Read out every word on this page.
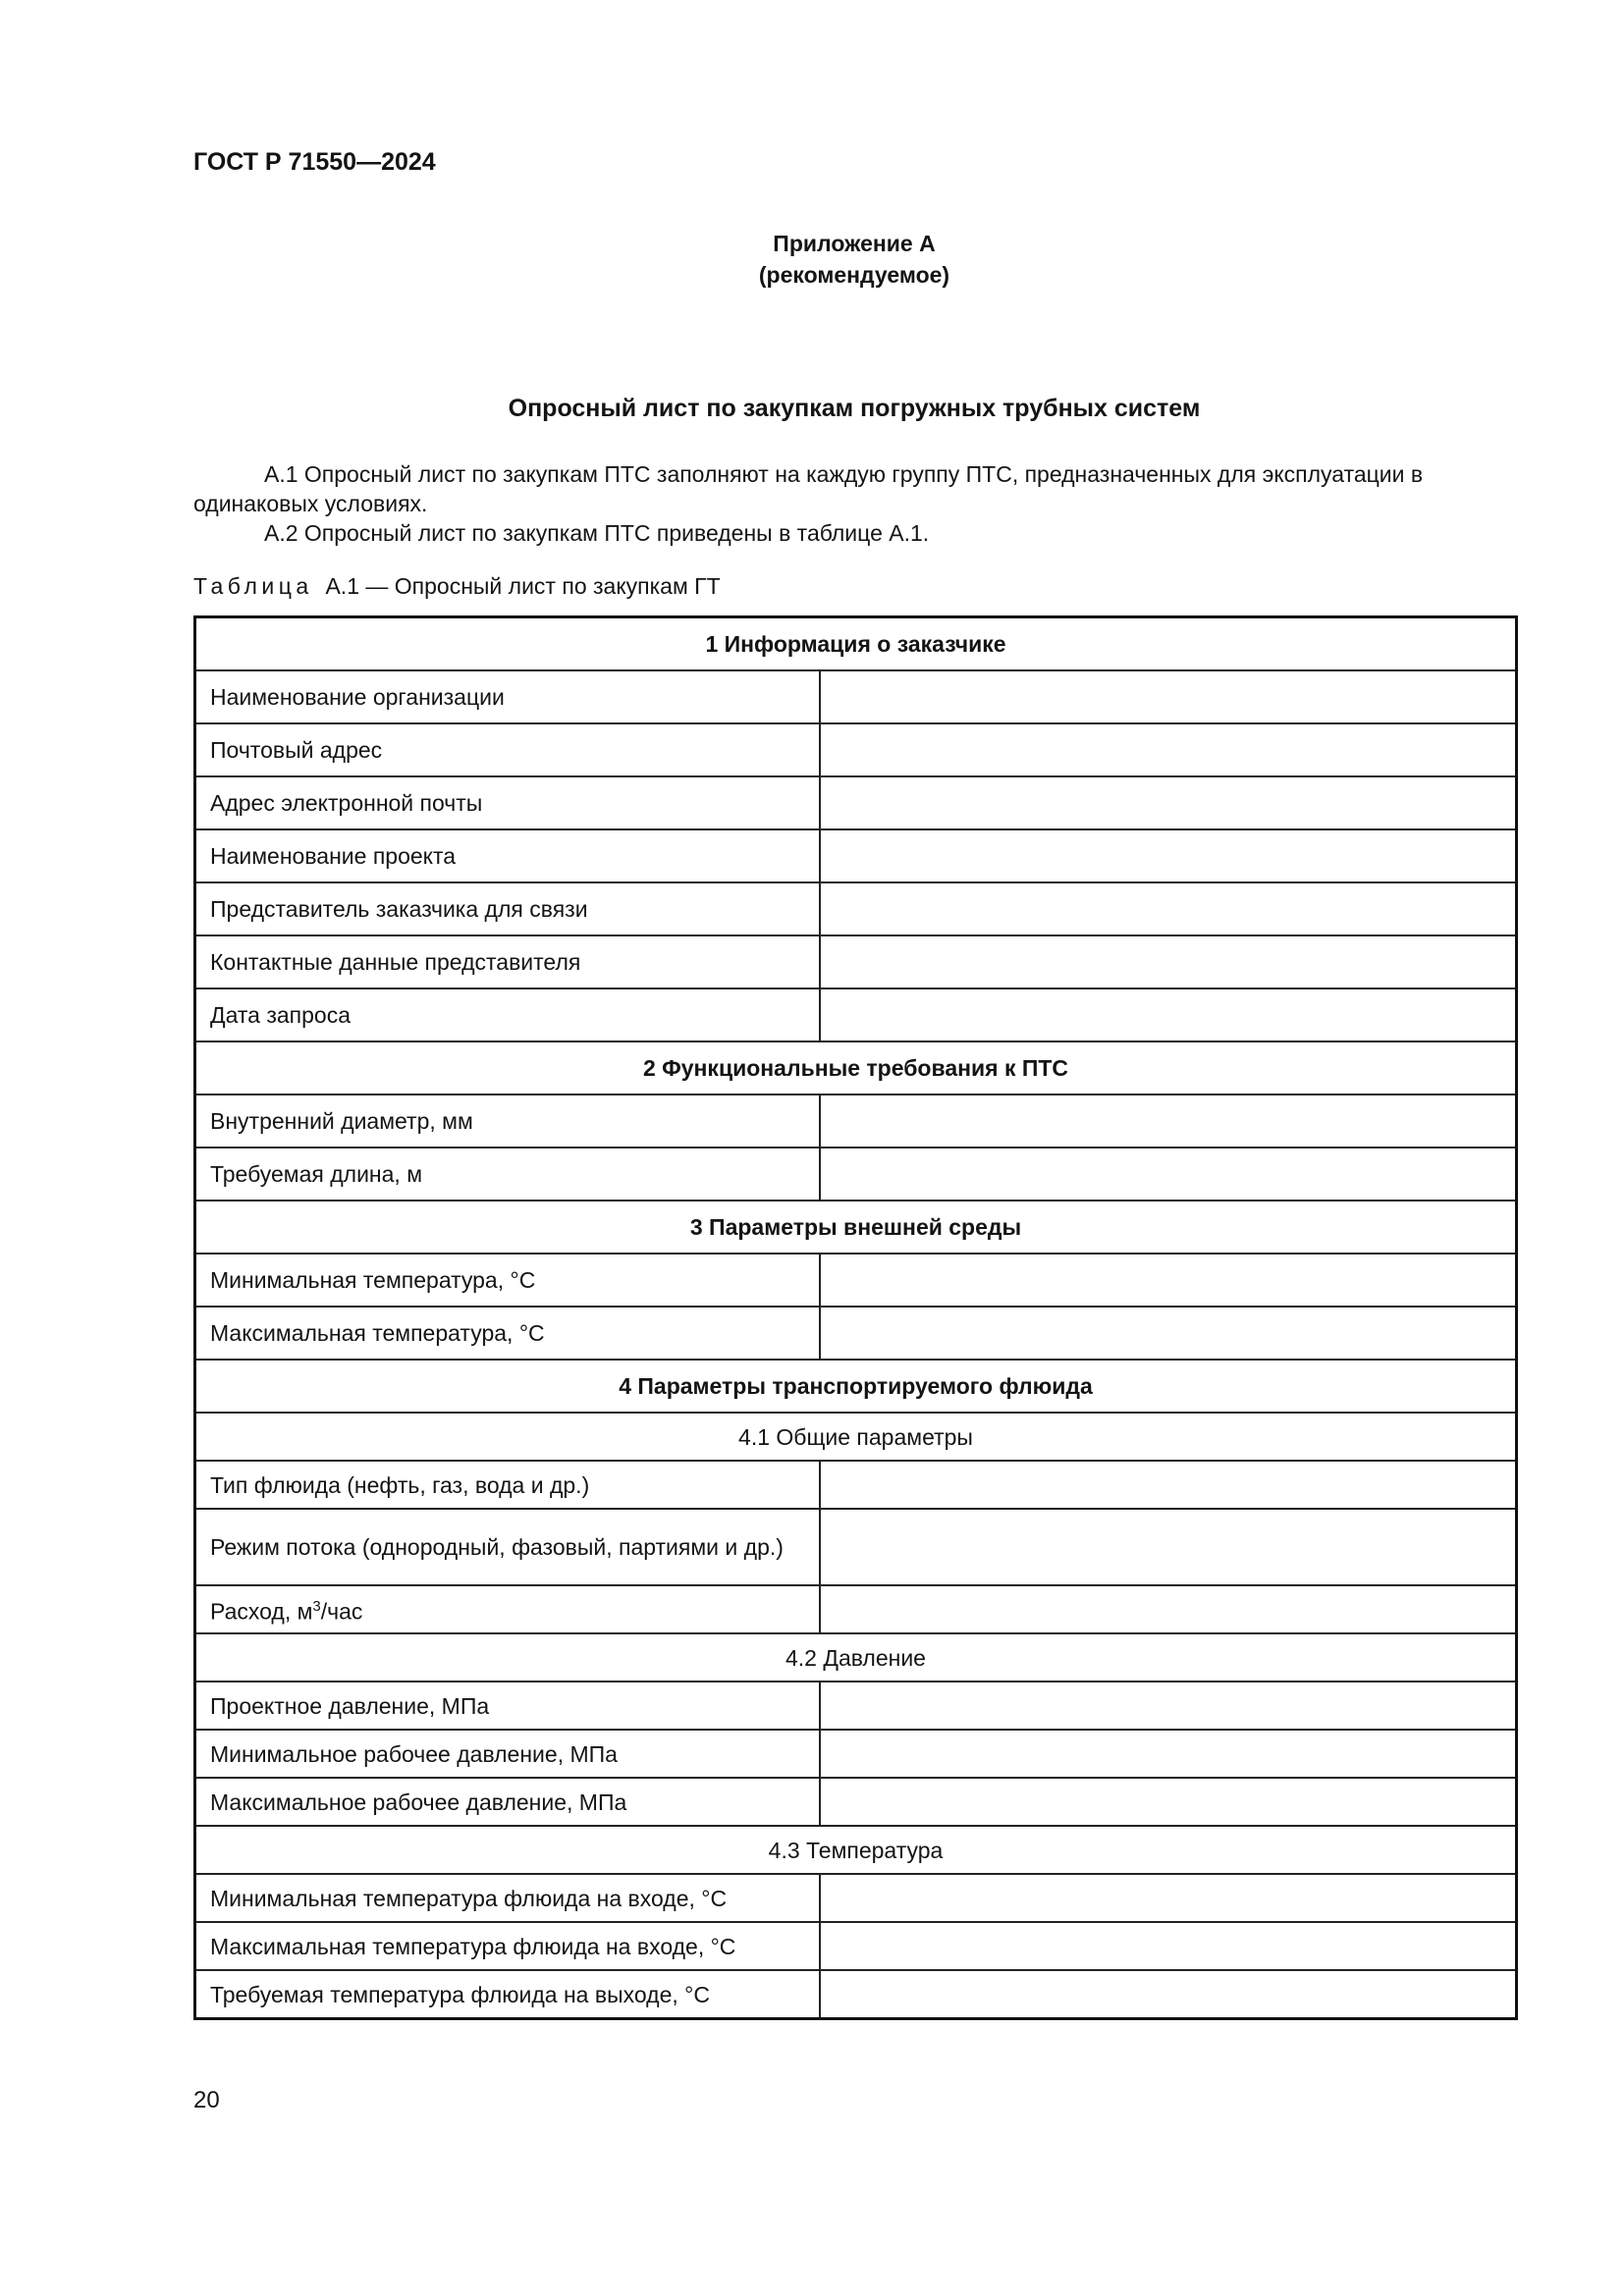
ГОСТ Р 71550—2024

Приложение А
(рекомендуемое)
Опросный лист по закупкам погружных трубных систем

А.1 Опросный лист по закупкам ПТС заполняют на каждую группу ПТС, предназначенных для эксплуатации в одинаковых условиях.

А.2 Опросный лист по закупкам ПТС приведены в таблице А.1.

Таблица  А.1 — Опросный лист по закупкам ГТ
1 Информация о заказчике	
Наименование организации	
Почтовый адрес	
Адрес электронной почты	
Наименование проекта	
Представитель заказчика для связи	
Контактные данные представителя	
Дата запроса	
2 Функциональные требования к ПТС	
Внутренний диаметр, мм	
Требуемая длина, м	
3 Параметры внешней среды	
Минимальная температура, °С	
Максимальная температура, °С	
4 Параметры транспортируемого флюида	
4.1 Общие параметры	
Тип флюида (нефть, газ, вода и др.)	
Режим потока (однородный, фазовый, партиями и др.)	
Расход, $м^3$/час	
4.2 Давление	
Проектное давление, МПа	
Минимальное рабочее давление, МПа	
Максимальное рабочее давление, МПа	
4.3 Температура	
Минимальная температура флюида на входе, °С	
Максимальная температура флюида на входе, °С	
Требуемая температура флюида на выходе, °С	
20
